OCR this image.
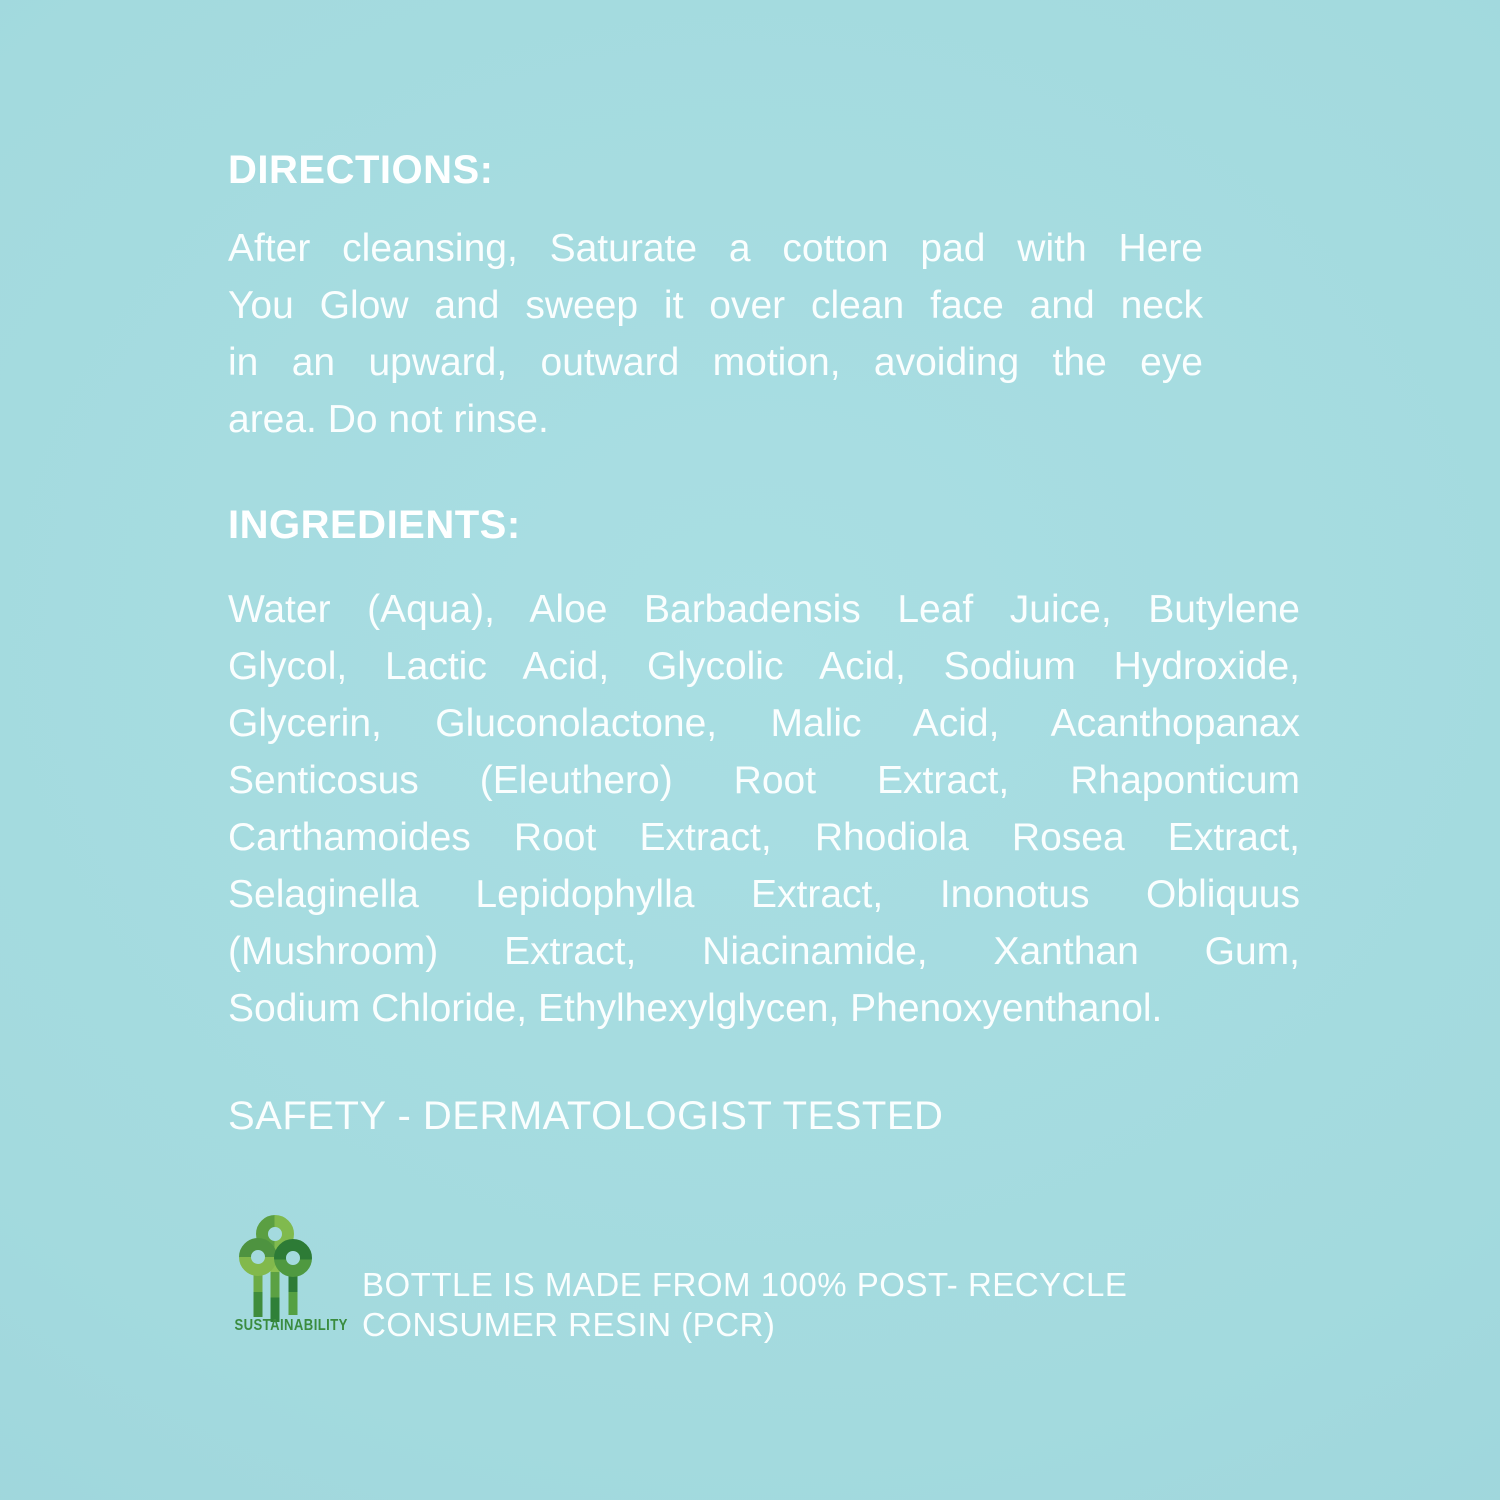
DIRECTIONS:
After cleansing, Saturate a cotton pad with Here
You Glow and sweep it over clean face and neck
in an upward, outward motion, avoiding the eye
area. Do not rinse.
INGREDIENTS:
Water (Aqua), Aloe Barbadensis Leaf Juice, Butylene
Glycol, Lactic Acid, Glycolic Acid, Sodium Hydroxide,
Glycerin, Gluconolactone, Malic Acid, Acanthopanax
Senticosus (Eleuthero) Root Extract, Rhaponticum
Carthamoides Root Extract, Rhodiola Rosea Extract,
Selaginella Lepidophylla Extract, Inonotus Obliquus
(Mushroom) Extract, Niacinamide, Xanthan Gum,
Sodium Chloride, Ethylhexylglycen, Phenoxyenthanol.
SAFETY - DERMATOLOGIST TESTED
SUSTAINABILITY
BOTTLE IS MADE FROM 100% POST- RECYCLE
CONSUMER RESIN (PCR)
